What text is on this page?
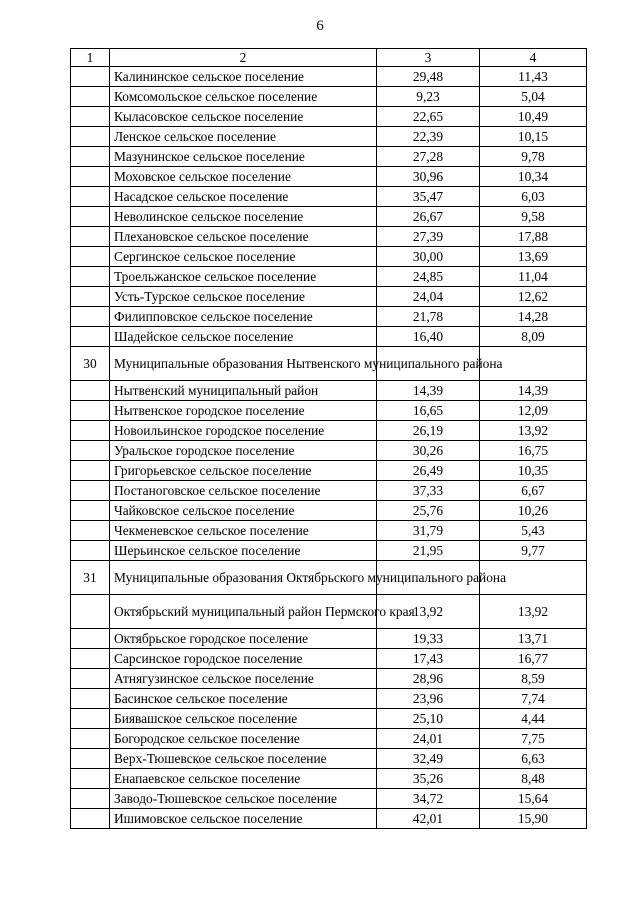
6
1	2	3	4
	Калининское сельское поселение	29,48	11,43
	Комсомольское сельское поселение	9,23	5,04
	Кыласовское сельское поселение	22,65	10,49
	Ленское сельское поселение	22,39	10,15
	Мазунинское сельское поселение	27,28	9,78
	Моховское сельское поселение	30,96	10,34
	Насадское сельское поселение	35,47	6,03
	Неволинское сельское поселение	26,67	9,58
	Плехановское сельское поселение	27,39	17,88
	Сергинское сельское поселение	30,00	13,69
	Троельжанское сельское поселение	24,85	11,04
	Усть-Турское сельское поселение	24,04	12,62
	Филипповское сельское поселение	21,78	14,28
	Шадейское сельское поселение	16,40	8,09
30	Муниципальные образования Нытвенского муниципального района		
	Нытвенский муниципальный район	14,39	14,39
	Нытвенское городское поселение	16,65	12,09
	Новоильинское городское поселение	26,19	13,92
	Уральское городское поселение	30,26	16,75
	Григорьевское сельское поселение	26,49	10,35
	Постаноговское сельское поселение	37,33	6,67
	Чайковское сельское поселение	25,76	10,26
	Чекменевское сельское поселение	31,79	5,43
	Шерьинское сельское поселение	21,95	9,77
31	Муниципальные образования Октябрьского муниципального района		
	Октябрьский муниципальный район Пермского края	13,92	13,92
	Октябрьское городское поселение	19,33	13,71
	Сарсинское городское поселение	17,43	16,77
	Атнягузинское сельское поселение	28,96	8,59
	Басинское сельское поселение	23,96	7,74
	Бияваш​ское сельское поселение	25,10	4,44
	Богородское сельское поселение	24,01	7,75
	Верх-Тюшевское сельское поселение	32,49	6,63
	Енапаевское сельское поселение	35,26	8,48
	Заводо-Тюшевское сельское поселение	34,72	15,64
	Ишимовское сельское поселение	42,01	15,90
